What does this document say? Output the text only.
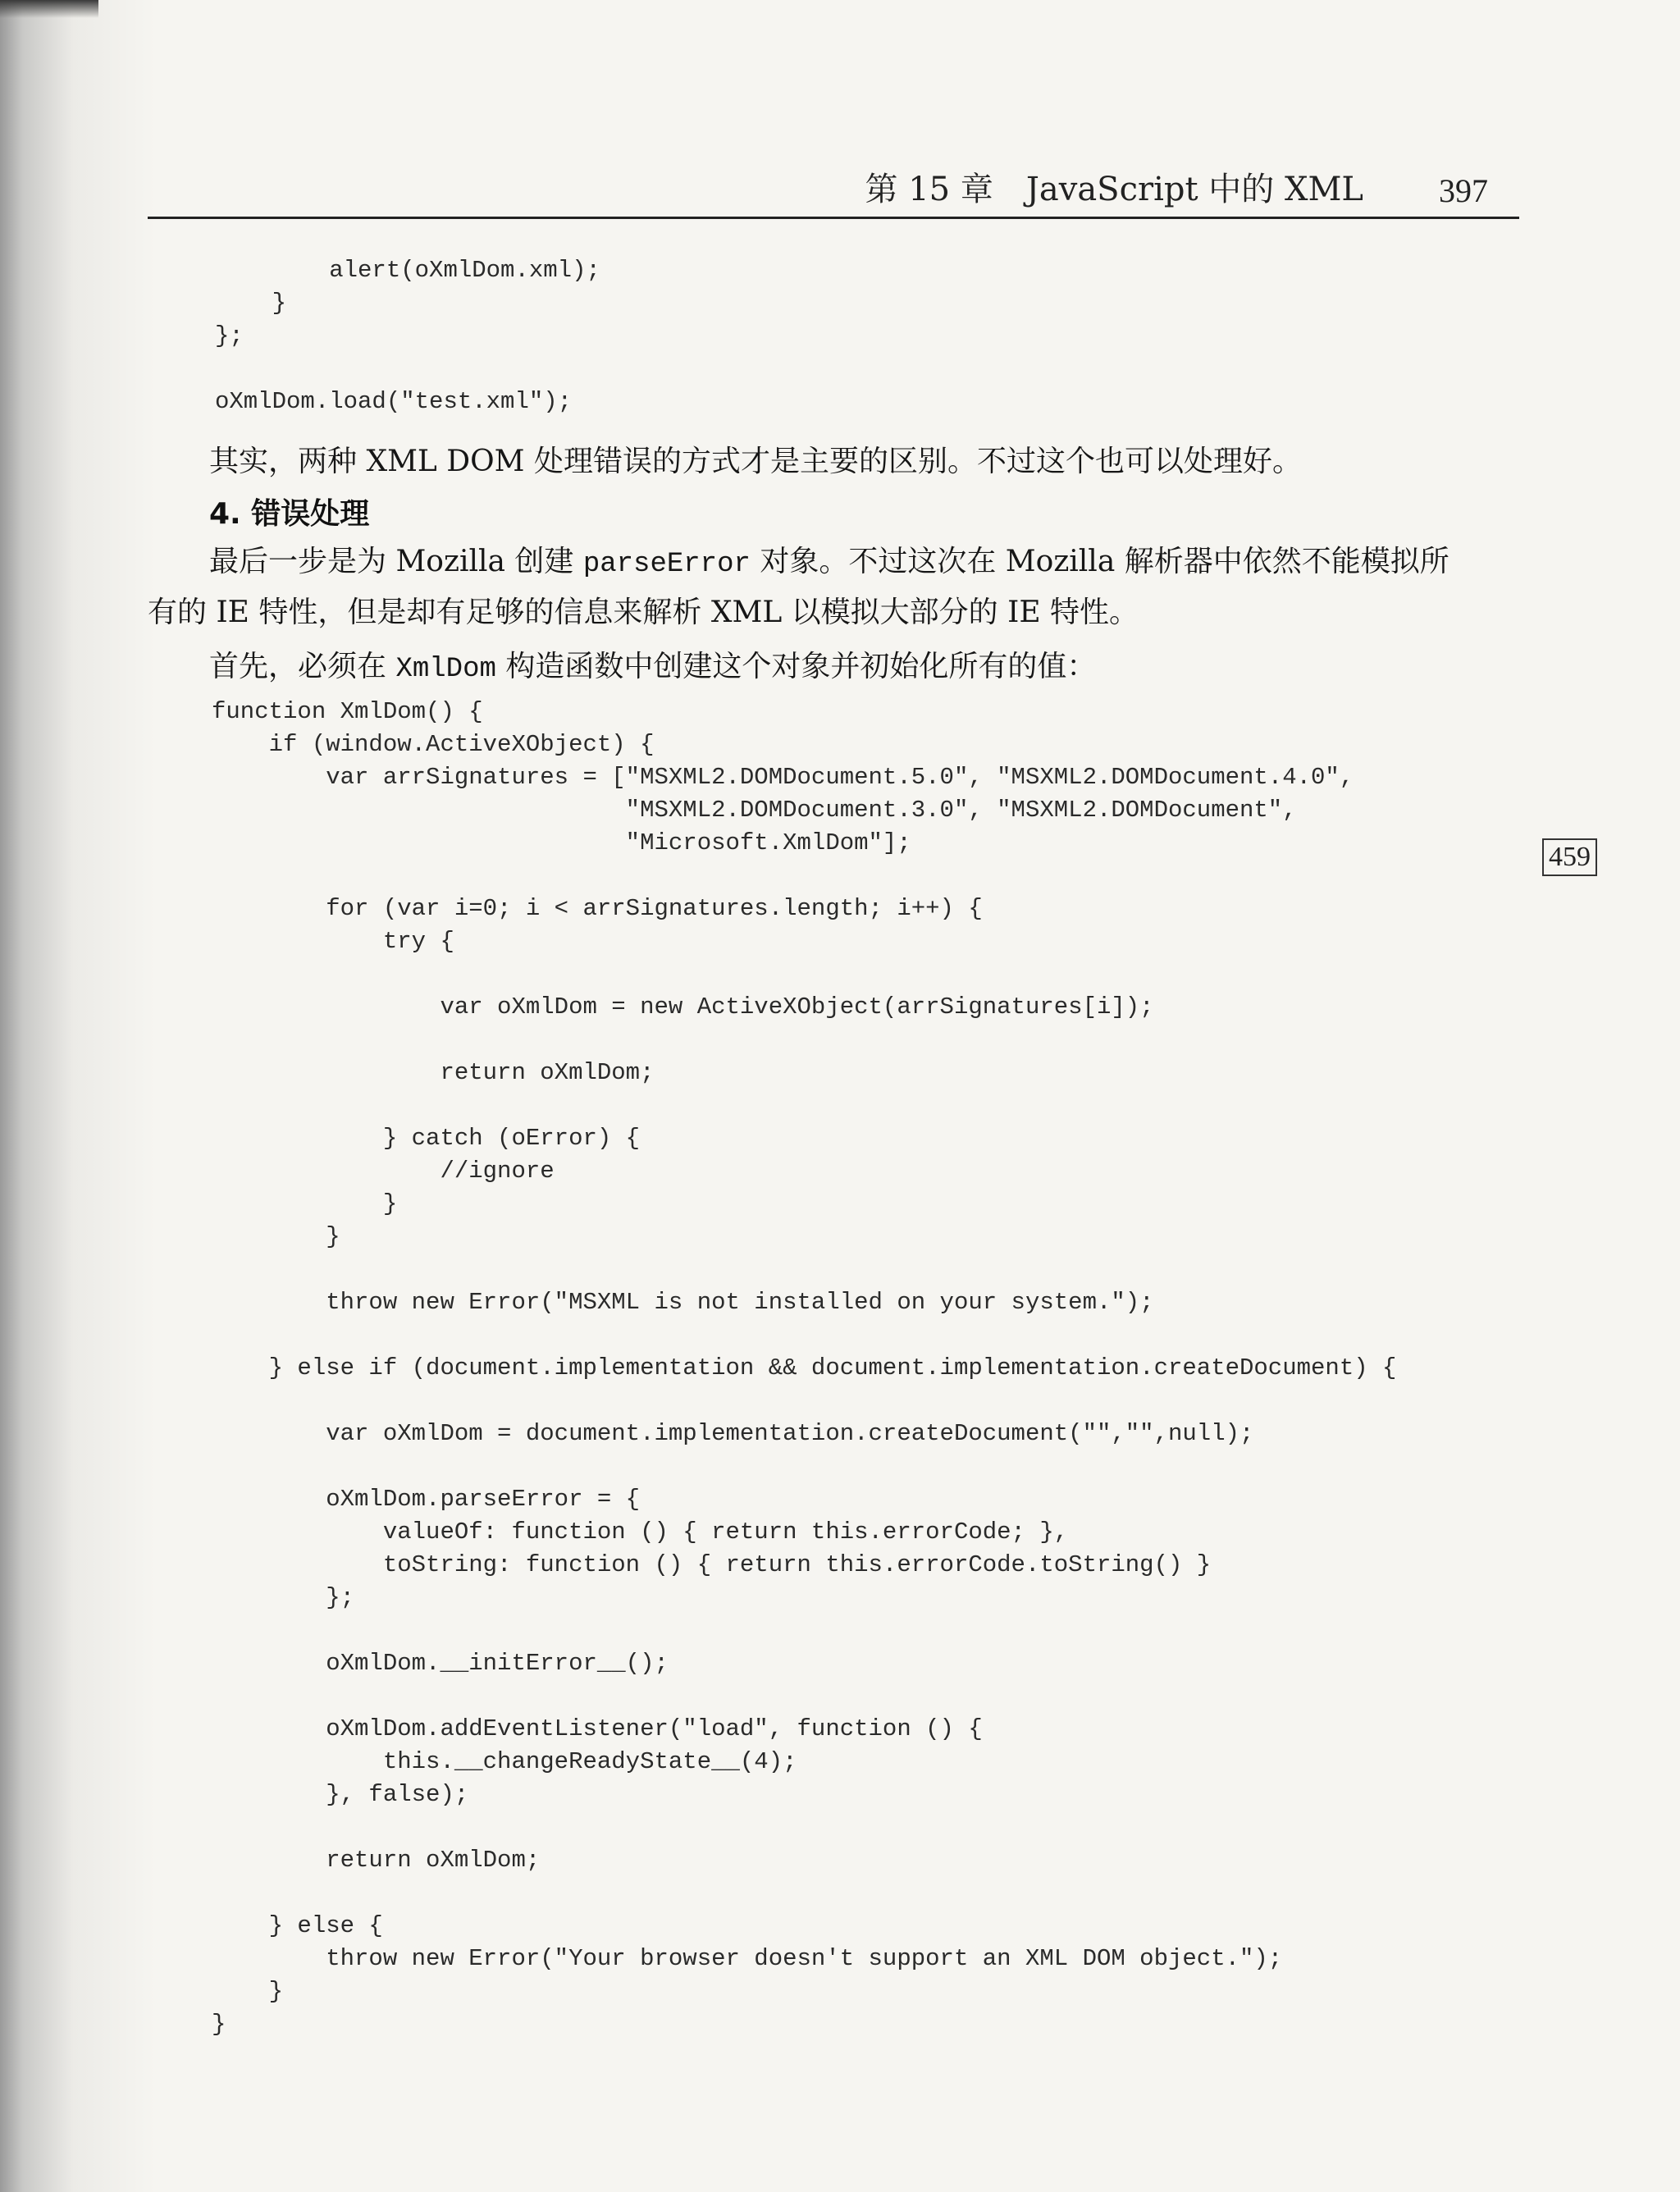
第 15 章　JavaScript 中的 XML 397
459
alert(oXmlDom.xml);
}
};

oXmlDom.load("test.xml");
其实，两种 XML DOM 处理错误的方式才是主要的区别。不过这个也可以处理好。
4. 错误处理
最后一步是为 Mozilla 创建 parseError 对象。不过这次在 Mozilla 解析器中依然不能模拟所
有的 IE 特性，但是却有足够的信息来解析 XML 以模拟大部分的 IE 特性。
首先，必须在 XmlDom 构造函数中创建这个对象并初始化所有的值：
function XmlDom() {
if (window.ActiveXObject) {
var arrSignatures = ["MSXML2.DOMDocument.5.0", "MSXML2.DOMDocument.4.0",
"MSXML2.DOMDocument.3.0", "MSXML2.DOMDocument",
"Microsoft.XmlDom"];

for (var i=0; i < arrSignatures.length; i++) {
try {

var oXmlDom = new ActiveXObject(arrSignatures[i]);

return oXmlDom;

} catch (oError) {
//ignore
}
}

throw new Error("MSXML is not installed on your system.");

} else if (document.implementation && document.implementation.createDocument) {

var oXmlDom = document.implementation.createDocument("","",null);

oXmlDom.parseError = {
valueOf: function () { return this.errorCode; },
toString: function () { return this.errorCode.toString() }
};

oXmlDom.__initError__();

oXmlDom.addEventListener("load", function () {
this.__changeReadyState__(4);
}, false);

return oXmlDom;

} else {
throw new Error("Your browser doesn't support an XML DOM object.");
}
}
